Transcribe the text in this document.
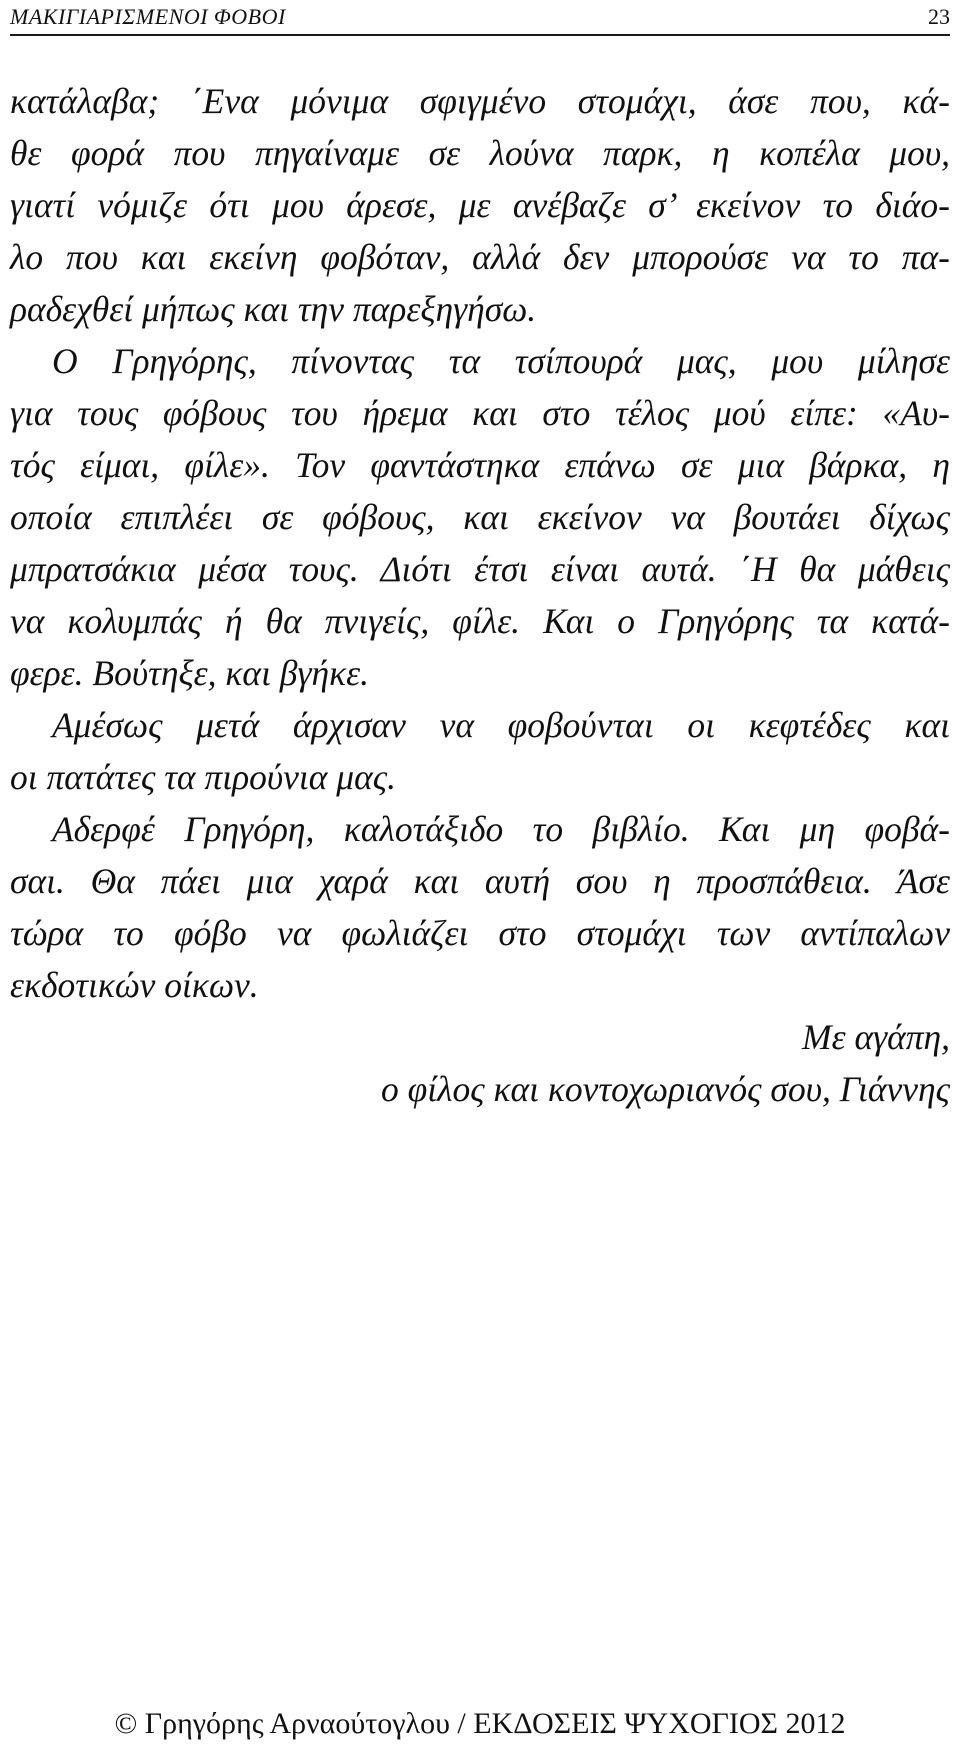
ΜΑΚΙΓΙΑΡΙΣΜΕΝΟΙ ΦΟΒΟΙ	23
κατάλαβα; ΄Ενα μόνιμα σφιγμένο στομάχι, άσε που, κά-
θε φορά που πηγαίναμε σε λούνα παρκ, η κοπέλα μου,
γιατί νόμιζε ότι μου άρεσε, με ανέβαζε σ’ εκείνον το διάο-
λο που και εκείνη φοβόταν, αλλά δεν μπορούσε να το πα-
ραδεχθεί μήπως και την παρεξηγήσω.
Ο Γρηγόρης, πίνοντας τα τσίπουρά μας, μου μίλησε
για τους φόβους του ήρεμα και στο τέλος μού είπε: «Αυ-
τός είμαι, φίλε». Τον φαντάστηκα επάνω σε μια βάρκα, η
οποία επιπλέει σε φόβους, και εκείνον να βουτάει δίχως
μπρατσάκια μέσα τους. Διότι έτσι είναι αυτά. ΄Η θα μάθεις
να κολυμπάς ή θα πνιγείς, φίλε. Και ο Γρηγόρης τα κατά-
φερε. Βούτηξε, και βγήκε.
Αμέσως μετά άρχισαν να φοβούνται οι κεφτέδες και
οι πατάτες τα πιρούνια μας.
Αδερφέ Γρηγόρη, καλοτάξιδο το βιβλίο. Και μη φοβά-
σαι. Θα πάει μια χαρά και αυτή σου η προσπάθεια. Άσε
τώρα το φόβο να φωλιάζει στο στομάχι των αντίπαλων
εκδοτικών οίκων.
Με αγάπη,
ο φίλος και κοντοχωριανός σου, Γιάννης
© Γρηγόρης Αρναούτογλου / ΕΚΔΟΣΕΙΣ ΨΥΧΟΓΙΟΣ 2012
